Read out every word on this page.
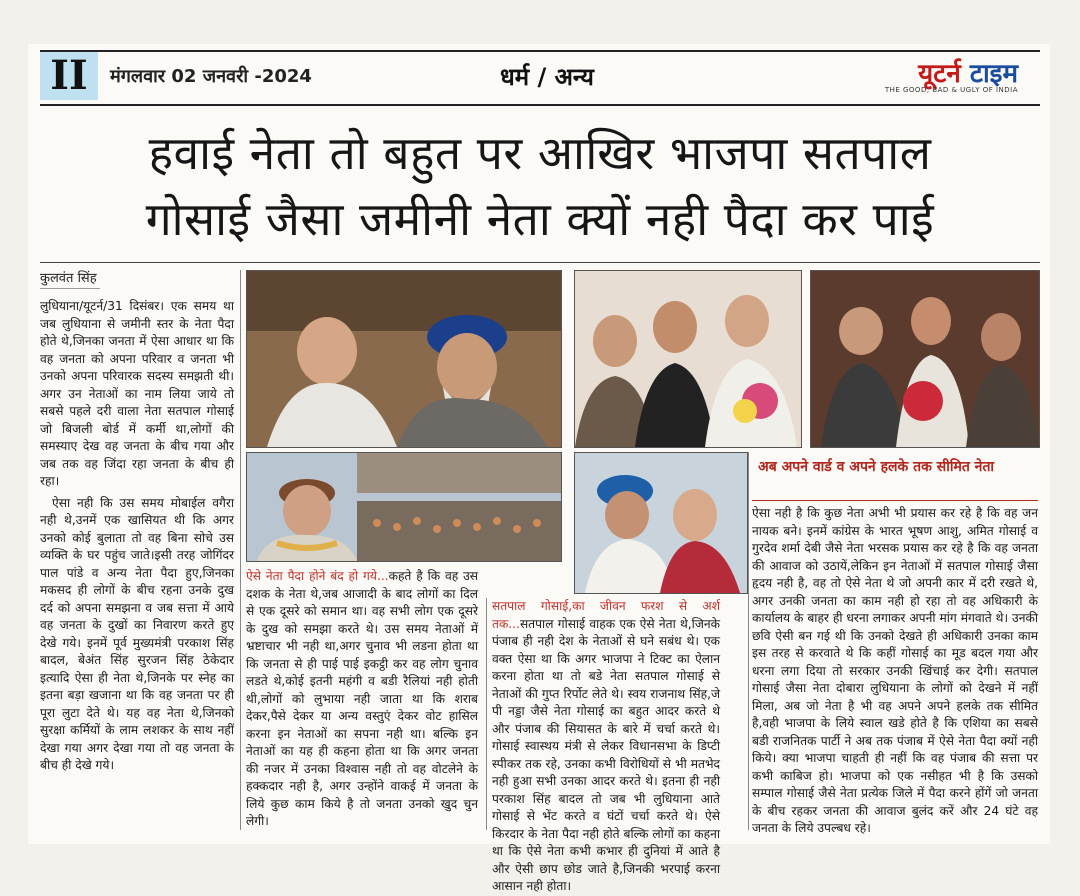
II	मंगलवार 02 जनवरी -2024	धर्म / अन्य	यूटर्न टाइम
THE GOOD, BAD & UGLY OF INDIA
हवाई नेता तो बहुत पर आखिर भाजपा सतपाल
गोसाई जैसा जमीनी नेता क्यों नही पैदा कर पाई
कुलवंत सिंह

लुधियाना/यूटर्न/31 दिसंबर। एक समय था जब लुधियाना से जमीनी स्तर के नेता पैदा होते थे,जिनका जनता में ऐसा आधार था कि वह जनता को अपना परिवार व जनता भी उनको अपना परिवारक सदस्य समझती थी। अगर उन नेताओं का नाम लिया जाये तो सबसे पहले दरी वाला नेता सतपाल गोसाई जो बिजली बोर्ड में कर्मी था,लोगों की समस्याए देख वह जनता के बीच गया और जब तक वह जिंदा रहा जनता के बीच ही रहा।

ऐसा नही कि उस समय मोबाईल वगैरा नही थे,उनमें एक खासियत थी कि अगर उनको कोई बुलाता तो वह बिना सोचे उस व्यक्ति के घर पहुंच जाते।इसी तरह जोगिंदर पाल पांडे व अन्य नेता पैदा हुए,जिनका मकसद ही लोगों के बीच रहना उनके दुख दर्द को अपना समझना व जब सत्ता में आये वह जनता के दुखों का निवारण करते हुए देखे गये। इनमें पूर्व मुख्यमंत्री परकाश सिंह बादल, बेअंत सिंह सुरजन सिंह ठेकेदार इत्यादि ऐसा ही नेता थे,जिनके पर स्नेह का इतना बड़ा खजाना था कि वह जनता पर ही पूरा लुटा देते थे। यह वह नेता थे,जिनको सुरक्षा कर्मियों के लाम लशकर के साथ नहीं देखा गया अगर देखा गया तो वह जनता के बीच ही देखे गये।

ऐसे नेता पैदा होने बंद हो गये...कहते है कि वह उस दशक के नेता थे,जब आजादी के बाद लोगों का दिल से एक दूसरे को समान था। वह सभी लोग एक दूसरे के दुख को समझा करते थे। उस समय नेताओं में भ्रष्टाचार भी नही था,अगर चुनाव भी लडना होता था कि जनता से ही पाई पाई इकट्ठी कर वह लोग चुनाव लडते थे,कोई इतनी महंगी व बडी रैलियां नही होती थी,लोगों को लुभाया नही जाता था कि शराब देकर,पैसे देकर या अन्य वस्तुएं देकर वोट हासिल करना इन नेताओं का सपना नही था। बल्कि इन नेताओं का यह ही कहना होता था कि अगर जनता की नजर में उनका विश्वास नही तो वह वोटलेने के हक्कदार नही है, अगर उन्होंने वाकई में जनता के लिये कुछ काम किये है तो जनता उनको खुद चुन लेगी।
सतपाल गोसाई,का जीवन फरश से अर्श तक...सतपाल गोसाई वाहक एक ऐसे नेता थे,जिनके पंजाब ही नही देश के नेताओं से घने सबंध थे। एक वक्त ऐसा था कि अगर भाजपा ने टिक्ट का ऐलान करना होता था तो बडे नेता सतपाल गोसाई से नेताओं की गुप्त रिर्पोट लेते थे। स्वय राजनाथ सिंह,जे पी नड्डा जैसे नेता गोसाई का बहुत आदर करते थे और पंजाब की सियासत के बारे में चर्चा करते थे। गोसाई स्वास्थय मंत्री से लेकर विधानसभा के डिप्टी स्पीकर तक रहे, उनका कभी विरोधियों से भी मतभेद नही हुआ सभी उनका आदर करते थे। इतना ही नही परकाश सिंह बादल तो जब भी लुधियाना आते गोसाई से भेंट करते व घंटों चर्चा करते थे। ऐसे किरदार के नेता पैदा नही होते बल्कि लोगों का कहना था कि ऐसे नेता कभी कभार ही दुनियां में आते है और ऐसी छाप छोड जाते है,जिनकी भरपाई करना आसान नही होता।
अब अपने वार्ड व अपने हलके तक सीमित नेता
ऐसा नही है कि कुछ नेता अभी भी प्रयास कर रहे है कि वह जन नायक बने। इनमें कांग्रेस के भारत भूषण आशु, अमित गोसाई व गुरदेव शर्मा देबी जैसे नेता भरसक प्रयास कर रहे है कि वह जनता की आवाज को उठायें,लेकिन इन नेताओं में सतपाल गोसाई जैसा हृदय नही है, वह तो ऐसे नेता थे जो अपनी कार में दरी रखते थे, अगर उनकी जनता का काम नही हो रहा तो वह अधिकारी के कार्यालय के बाहर ही धरना लगाकर अपनी मांग मंगवाते थे। उनकी छवि ऐसी बन गई थी कि उनको देखते ही अधिकारी उनका काम इस तरह से करवाते थे कि कहीं गोसाई का मूड बदल गया और धरना लगा दिया तो सरकार उनकी खिंचाई कर देगी। सतपाल गोसाई जैसा नेता दोबारा लुधियाना के लोगों को देखने में नहीं मिला, अब जो नेता है भी वह अपने अपने हलके तक सीमित है,वही भाजपा के लिये स्वाल खडे होते है कि एशिया का सबसे बडी राजनितक पार्टी ने अब तक पंजाब में ऐसे नेता पैदा क्यों नही किये। क्या भाजपा चाहती ही नहीं कि वह पंजाब की सत्ता पर कभी काबिज हो। भाजपा को एक नसीहत भी है कि उसको सम्पाल गोसाई जैसे नेता प्रत्येक जिले में पैदा करने होंगें जो जनता के बीच रहकर जनता की आवाज बुलंद करें और 24 घंटे वह जनता के लिये उपल्बध रहे।
